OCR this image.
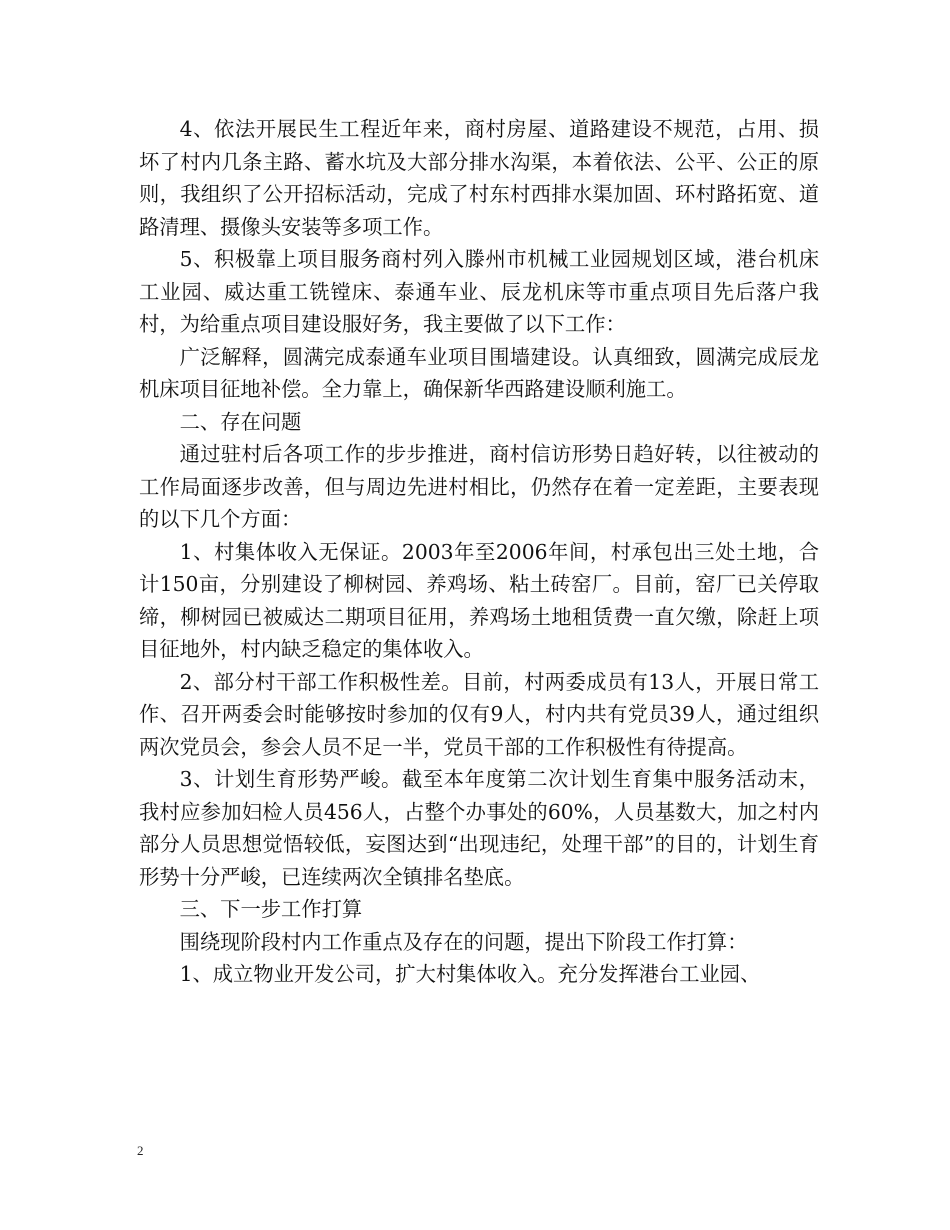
4、依法开展民生工程近年来，商村房屋、道路建设不规范，占用、损坏了村内几条主路、蓄水坑及大部分排水沟渠，本着依法、公平、公正的原则，我组织了公开招标活动，完成了村东村西排水渠加固、环村路拓宽、道路清理、摄像头安装等多项工作。

5、积极靠上项目服务商村列入滕州市机械工业园规划区域，港台机床工业园、威达重工铣镗床、泰通车业、辰龙机床等市重点项目先后落户我村，为给重点项目建设服好务，我主要做了以下工作：

广泛解释，圆满完成泰通车业项目围墙建设。认真细致，圆满完成辰龙机床项目征地补偿。全力靠上，确保新华西路建设顺利施工。

二、存在问题

通过驻村后各项工作的步步推进，商村信访形势日趋好转，以往被动的工作局面逐步改善，但与周边先进村相比，仍然存在着一定差距，主要表现的以下几个方面：

1、村集体收入无保证。2003年至2006年间，村承包出三处土地，合计150亩，分别建设了柳树园、养鸡场、粘土砖窑厂。目前，窑厂已关停取缔，柳树园已被威达二期项目征用，养鸡场土地租赁费一直欠缴，除赶上项目征地外，村内缺乏稳定的集体收入。

2、部分村干部工作积极性差。目前，村两委成员有13人，开展日常工作、召开两委会时能够按时参加的仅有9人，村内共有党员39人，通过组织两次党员会，参会人员不足一半，党员干部的工作积极性有待提高。

3、计划生育形势严峻。截至本年度第二次计划生育集中服务活动末，我村应参加妇检人员456人，占整个办事处的60%，人员基数大，加之村内部分人员思想觉悟较低，妄图达到“出现违纪，处理干部”的目的，计划生育形势十分严峻，已连续两次全镇排名垫底。

三、下一步工作打算

围绕现阶段村内工作重点及存在的问题，提出下阶段工作打算：

1、成立物业开发公司，扩大村集体收入。充分发挥港台工业园、

2
